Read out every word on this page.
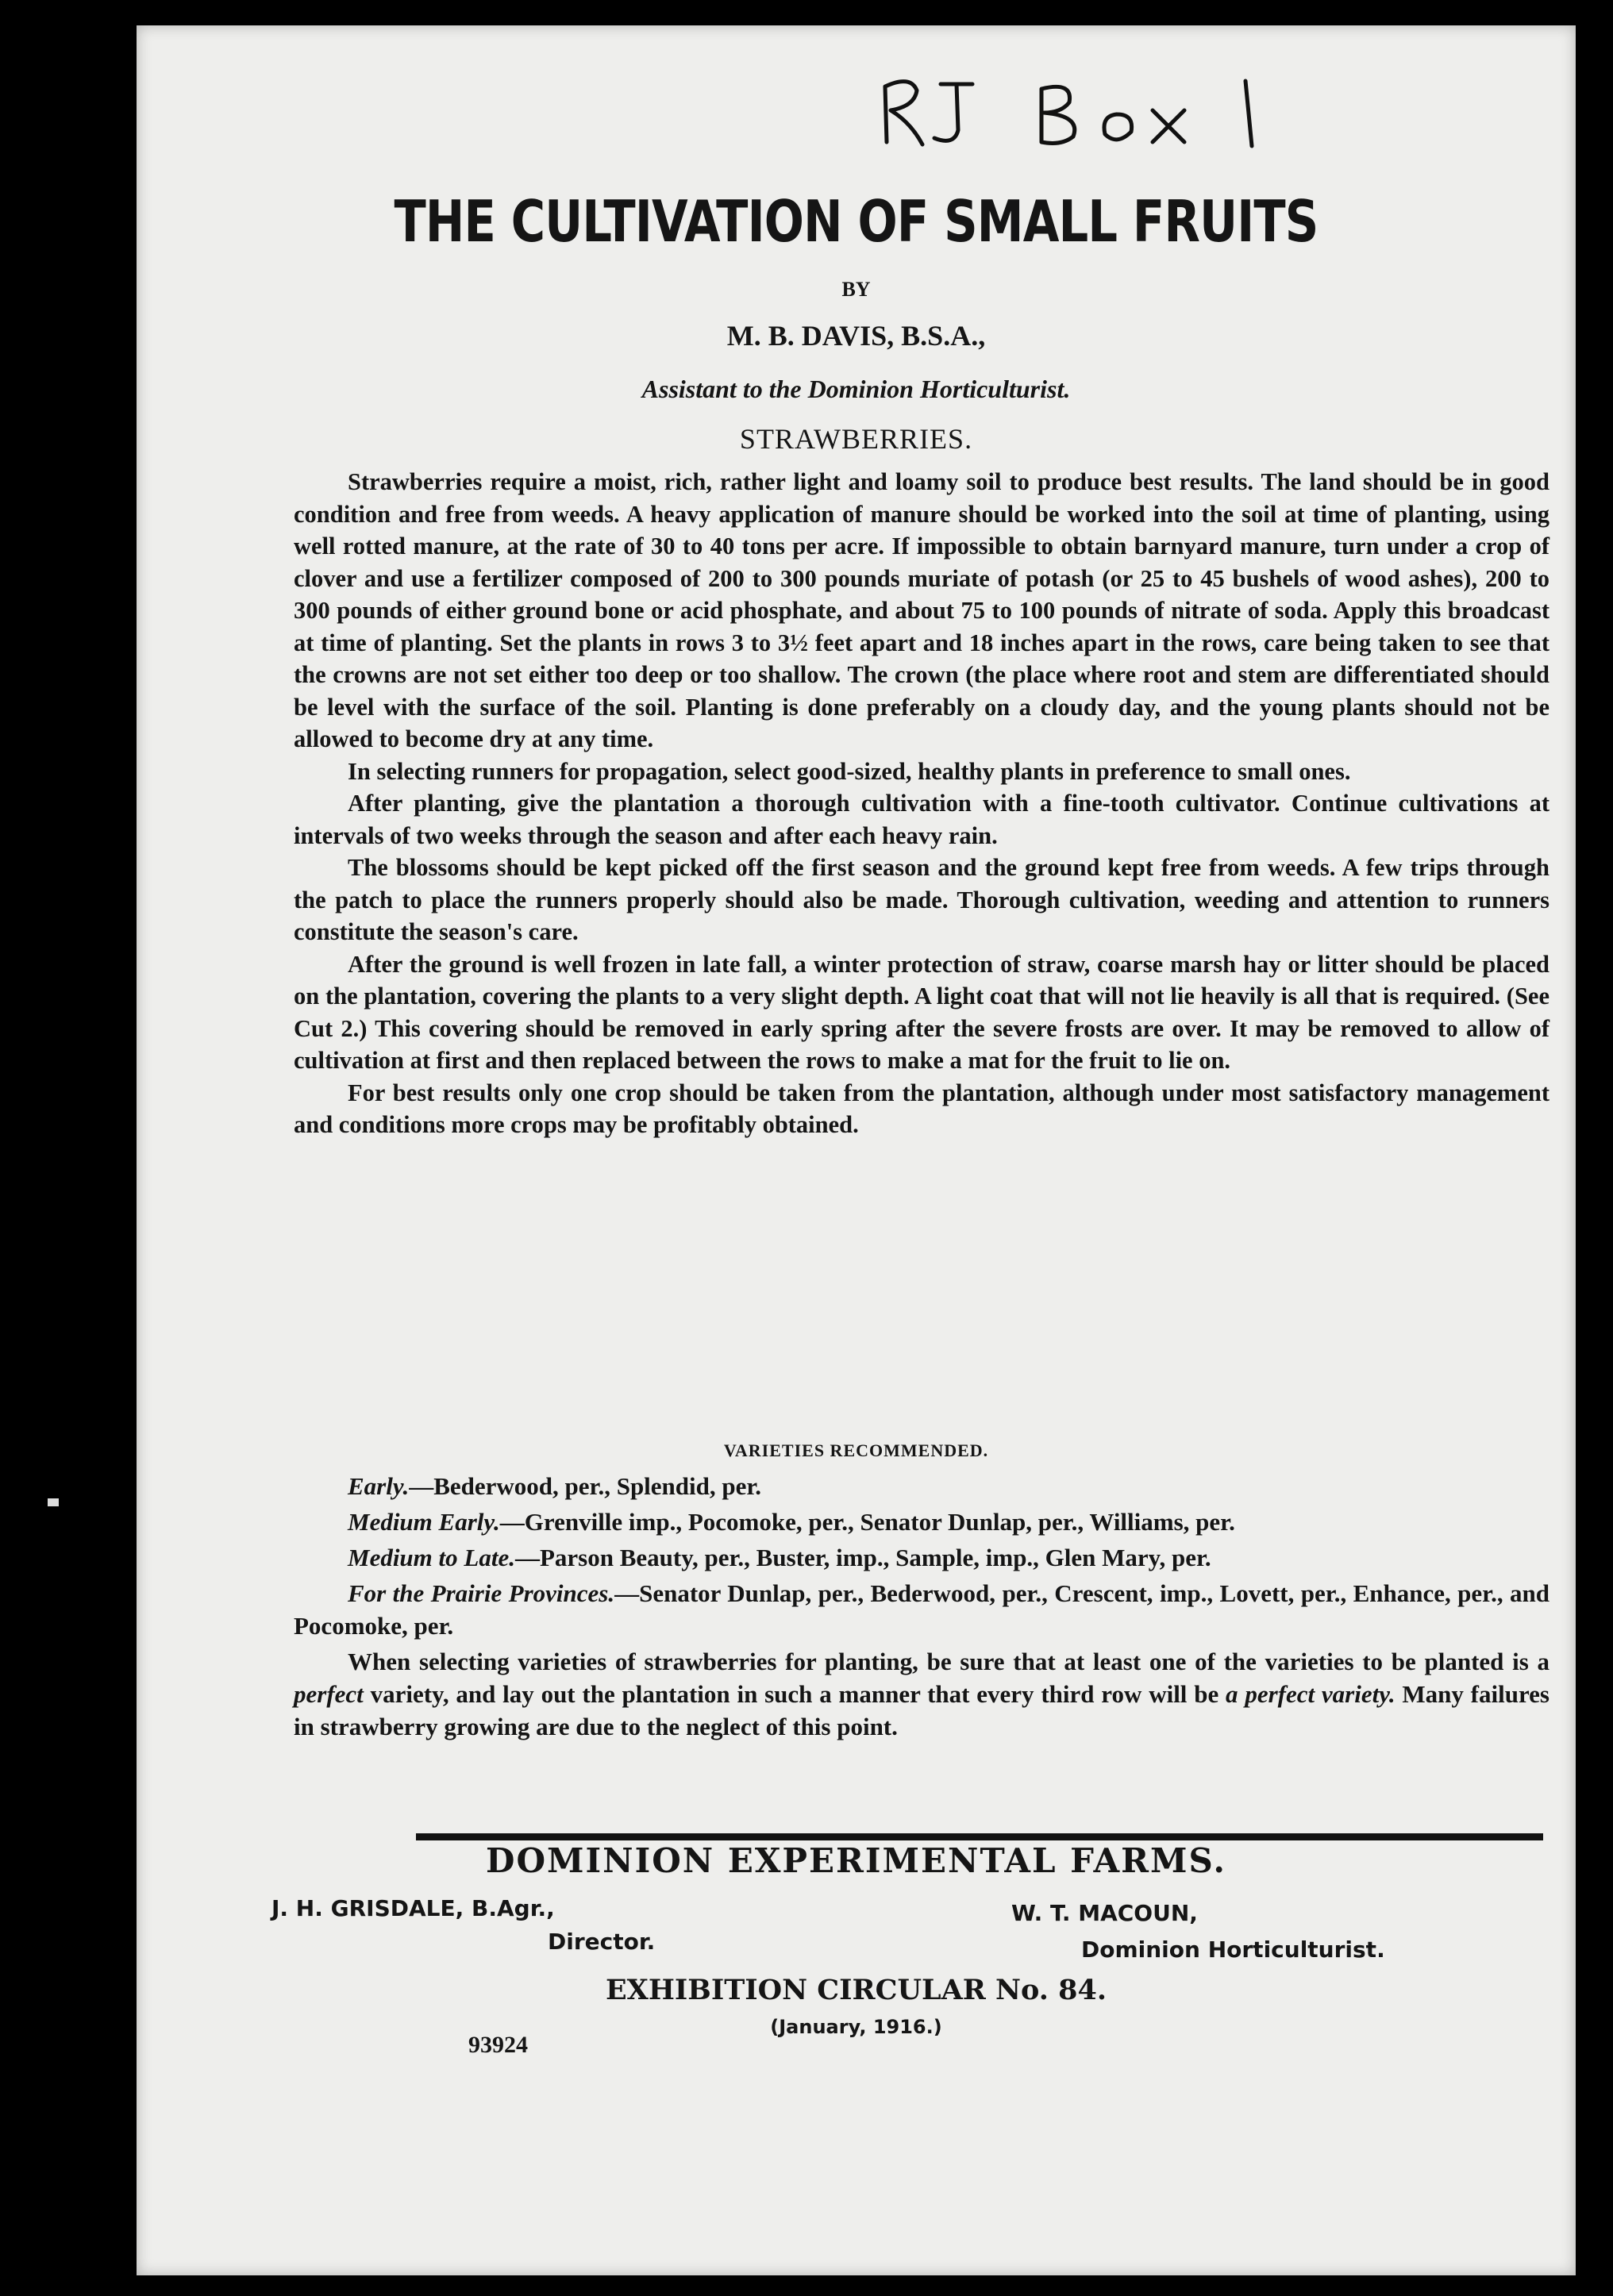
THE CULTIVATION OF SMALL FRUITS
BY
M. B. DAVIS, B.S.A.,
Assistant to the Dominion Horticulturist.
STRAWBERRIES.

Strawberries require a moist, rich, rather light and loamy soil to produce best results. The land should be in good condition and free from weeds. A heavy application of manure should be worked into the soil at time of planting, using well rotted manure, at the rate of 30 to 40 tons per acre. If impossible to obtain barnyard manure, turn under a crop of clover and use a fertilizer composed of 200 to 300 pounds muriate of potash (or 25 to 45 bushels of wood ashes), 200 to 300 pounds of either ground bone or acid phosphate, and about 75 to 100 pounds of nitrate of soda. Apply this broadcast at time of planting. Set the plants in rows 3 to 3½ feet apart and 18 inches apart in the rows, care being taken to see that the crowns are not set either too deep or too shallow. The crown (the place where root and stem are differentiated should be level with the surface of the soil. Planting is done preferably on a cloudy day, and the young plants should not be allowed to become dry at any time.

In selecting runners for propagation, select good-sized, healthy plants in preference to small ones.

After planting, give the plantation a thorough cultivation with a fine-tooth cultivator. Continue cultivations at intervals of two weeks through the season and after each heavy rain.

The blossoms should be kept picked off the first season and the ground kept free from weeds. A few trips through the patch to place the runners properly should also be made. Thorough cultivation, weeding and attention to runners constitute the season's care.

After the ground is well frozen in late fall, a winter protection of straw, coarse marsh hay or litter should be placed on the plantation, covering the plants to a very slight depth. A light coat that will not lie heavily is all that is required. (See Cut 2.) This covering should be removed in early spring after the severe frosts are over. It may be removed to allow of cultivation at first and then replaced between the rows to make a mat for the fruit to lie on.

For best results only one crop should be taken from the plantation, although under most satisfactory management and conditions more crops may be profitably obtained.

VARIETIES RECOMMENDED.

Early.—Bederwood, per., Splendid, per.

Medium Early.—Grenville imp., Pocomoke, per., Senator Dunlap, per., Williams, per.

Medium to Late.—Parson Beauty, per., Buster, imp., Sample, imp., Glen Mary, per.

For the Prairie Provinces.—Senator Dunlap, per., Bederwood, per., Crescent, imp., Lovett, per., Enhance, per., and Pocomoke, per.

When selecting varieties of strawberries for planting, be sure that at least one of the varieties to be planted is a perfect variety, and lay out the plantation in such a manner that every third row will be a perfect variety. Many failures in strawberry growing are due to the neglect of this point.

DOMINION EXPERIMENTAL FARMS.
J. H. GRISDALE, B.Agr.,
Director.
W. T. MACOUN,
Dominion Horticulturist.
EXHIBITION CIRCULAR No. 84.
(January, 1916.)
93924
